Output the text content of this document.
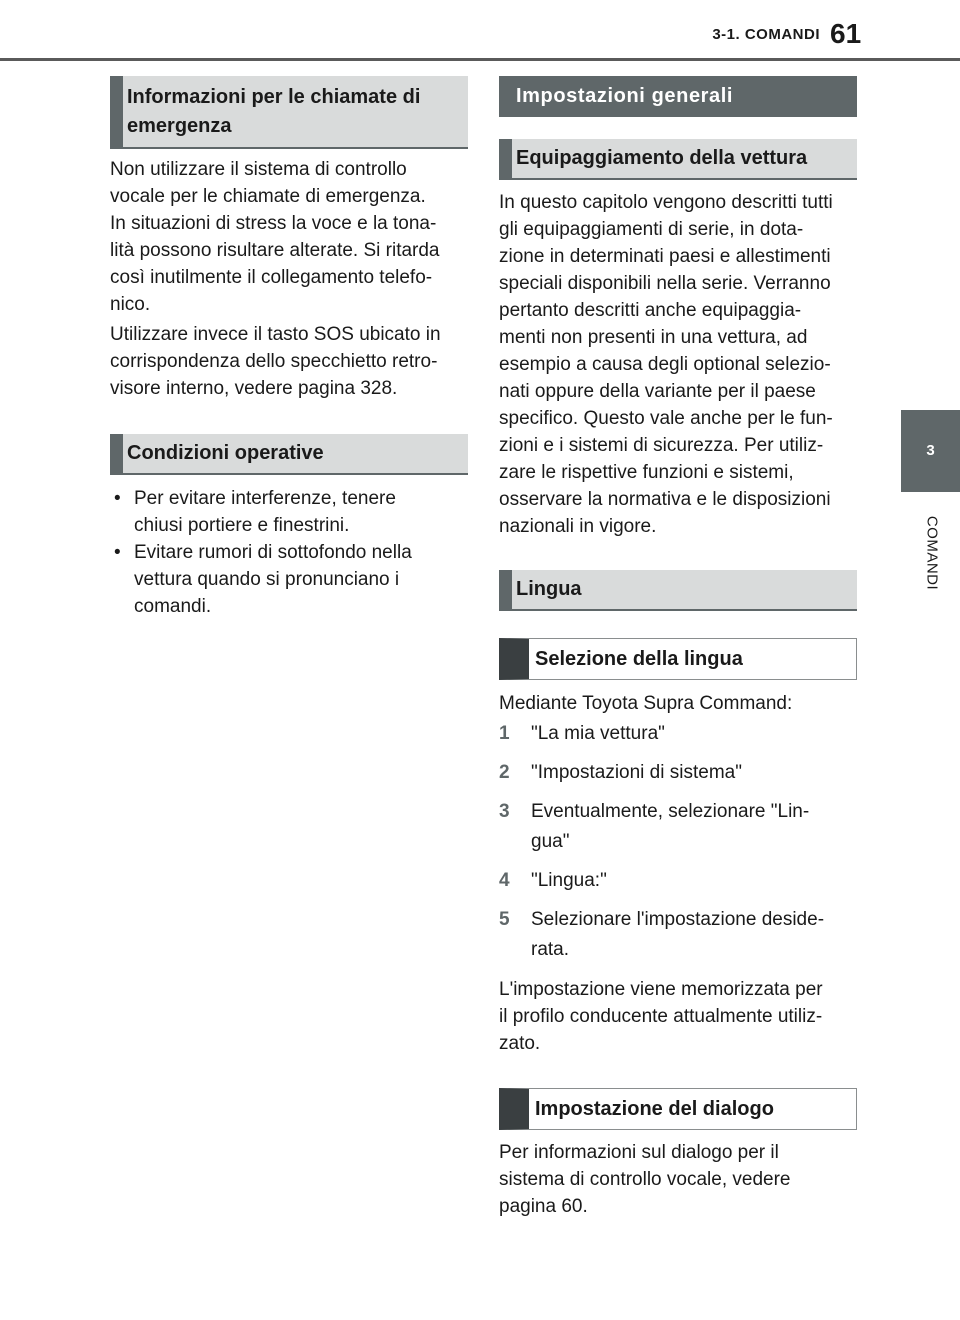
3-1. COMANDI 61
3
COMANDI
Informazioni per le chiamate di
emergenza
Non utilizzare il sistema di controllo
vocale per le chiamate di emergenza.
In situazioni di stress la voce e la tona-
lità possono risultare alterate. Si ritarda
così inutilmente il collegamento telefo-
nico.
Utilizzare invece il tasto SOS ubicato in
corrispondenza dello specchietto retro-
visore interno, vedere pagina 328.
Condizioni operative
• Per evitare interferenze, tenere
chiusi portiere e finestrini.
• Evitare rumori di sottofondo nella
vettura quando si pronunciano i
comandi.
Impostazioni generali
Equipaggiamento della vettura
In questo capitolo vengono descritti tutti
gli equipaggiamenti di serie, in dota-
zione in determinati paesi e allestimenti
speciali disponibili nella serie. Verranno
pertanto descritti anche equipaggia-
menti non presenti in una vettura, ad
esempio a causa degli optional selezio-
nati oppure della variante per il paese
specifico. Questo vale anche per le fun-
zioni e i sistemi di sicurezza. Per utiliz-
zare le rispettive funzioni e sistemi,
osservare la normativa e le disposizioni
nazionali in vigore.
Lingua
Selezione della lingua
Mediante Toyota Supra Command:
1 "La mia vettura"
2 "Impostazioni di sistema"
3 Eventualmente, selezionare "Lin-
gua"
4 "Lingua:"
5 Selezionare l'impostazione deside-
rata.
L'impostazione viene memorizzata per
il profilo conducente attualmente utiliz-
zato.
Impostazione del dialogo
Per informazioni sul dialogo per il
sistema di controllo vocale, vedere
pagina 60.
